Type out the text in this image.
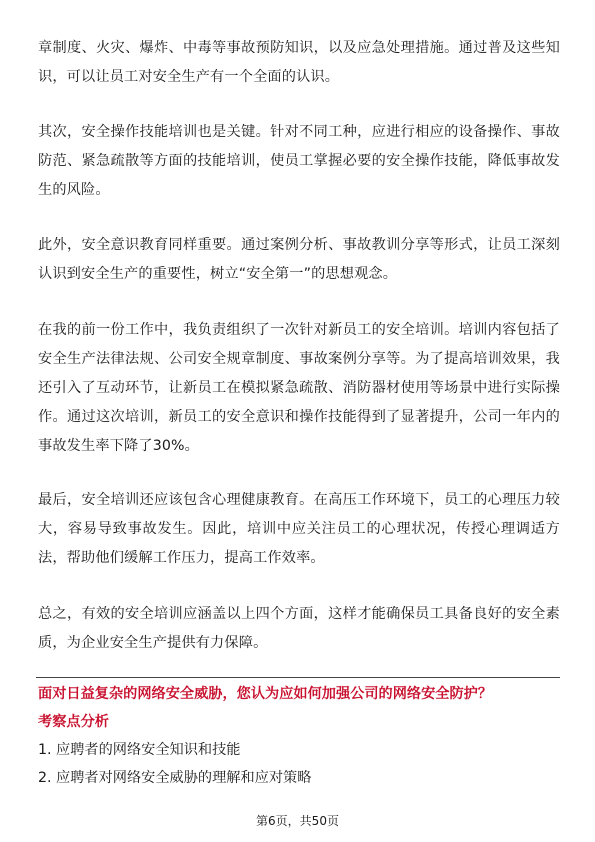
章制度、火灾、爆炸、中毒等事故预防知识，以及应急处理措施。通过普及这些知识，可以让员工对安全生产有一个全面的认识。

其次，安全操作技能培训也是关键。针对不同工种，应进行相应的设备操作、事故防范、紧急疏散等方面的技能培训，使员工掌握必要的安全操作技能，降低事故发生的风险。

此外，安全意识教育同样重要。通过案例分析、事故教训分享等形式，让员工深刻认识到安全生产的重要性，树立“安全第一”的思想观念。

在我的前一份工作中，我负责组织了一次针对新员工的安全培训。培训内容包括了安全生产法律法规、公司安全规章制度、事故案例分享等。为了提高培训效果，我还引入了互动环节，让新员工在模拟紧急疏散、消防器材使用等场景中进行实际操作。通过这次培训，新员工的安全意识和操作技能得到了显著提升，公司一年内的事故发生率下降了30%。

最后，安全培训还应该包含心理健康教育。在高压工作环境下，员工的心理压力较大，容易导致事故发生。因此，培训中应关注员工的心理状况，传授心理调适方法，帮助他们缓解工作压力，提高工作效率。

总之，有效的安全培训应涵盖以上四个方面，这样才能确保员工具备良好的安全素质，为企业安全生产提供有力保障。

面对日益复杂的网络安全威胁，您认为应如何加强公司的网络安全防护？

考察点分析

1. 应聘者的网络安全知识和技能

2. 应聘者对网络安全威胁的理解和应对策略

第6页，共50页
